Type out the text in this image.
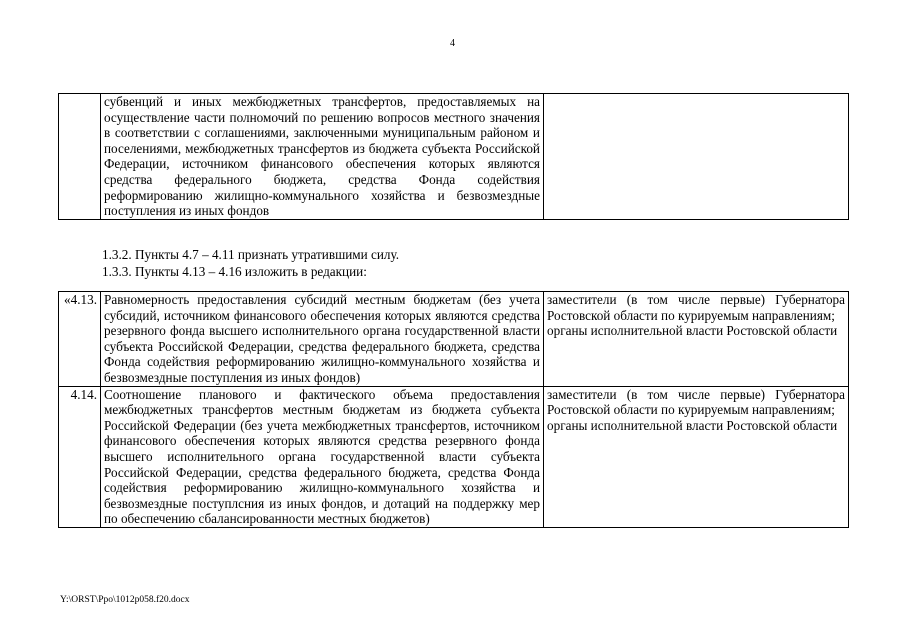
4
	субвенций и иных межбюджетных трансфертов, предоставляемых на осуществление части полномочий по решению вопросов местного значения в соответствии с соглашениями, заключенными муниципальным районом и поселениями, межбюджетных трансфертов из бюджета субъекта Российской Федерации, источником финансового обеспечения которых являются средства федерального бюджета, средства Фонда содействия реформированию жилищно-коммунального хозяйства и безвозмездные поступления из иных фондов	
1.3.2. Пункты 4.7 – 4.11 признать утратившими силу.
1.3.3. Пункты 4.13 – 4.16 изложить в редакции:
«4.13.	Равномерность предоставления субсидий местным бюджетам (без учета субсидий, источником финансового обеспечения которых являются средства резервного фонда высшего исполнительного органа государственной власти субъекта Российской Федерации, средства федерального бюджета, средства Фонда содействия реформированию жилищно-коммунального хозяйства и безвозмездные поступления из иных фондов)	заместители (в том числе первые) Губернатора Ростовской области по курируемым направлениям;
органы исполнительной власти Ростовской области

4.14.	Соотношение планового и фактического объема предоставления межбюджетных трансфертов местным бюджетам из бюджета субъекта Российской Федерации (без учета межбюджетных трансфертов, источником финансового обеспечения которых являются средства резервного фонда высшего исполнительного органа государственной власти субъекта Российской Федерации, средства федерального бюджета, средства Фонда содействия реформированию жилищно-коммунального хозяйства и безвозмездные поступлсния из иных фондов, и дотаций на поддержку мер по обеспечению сбалансированности местных бюджетов)	заместители (в том числе первые) Губернатора Ростовской области по курируемым направлениям;
органы исполнительной власти Ростовской области
Y:\ORST\Ppo\1012p058.f20.docx
